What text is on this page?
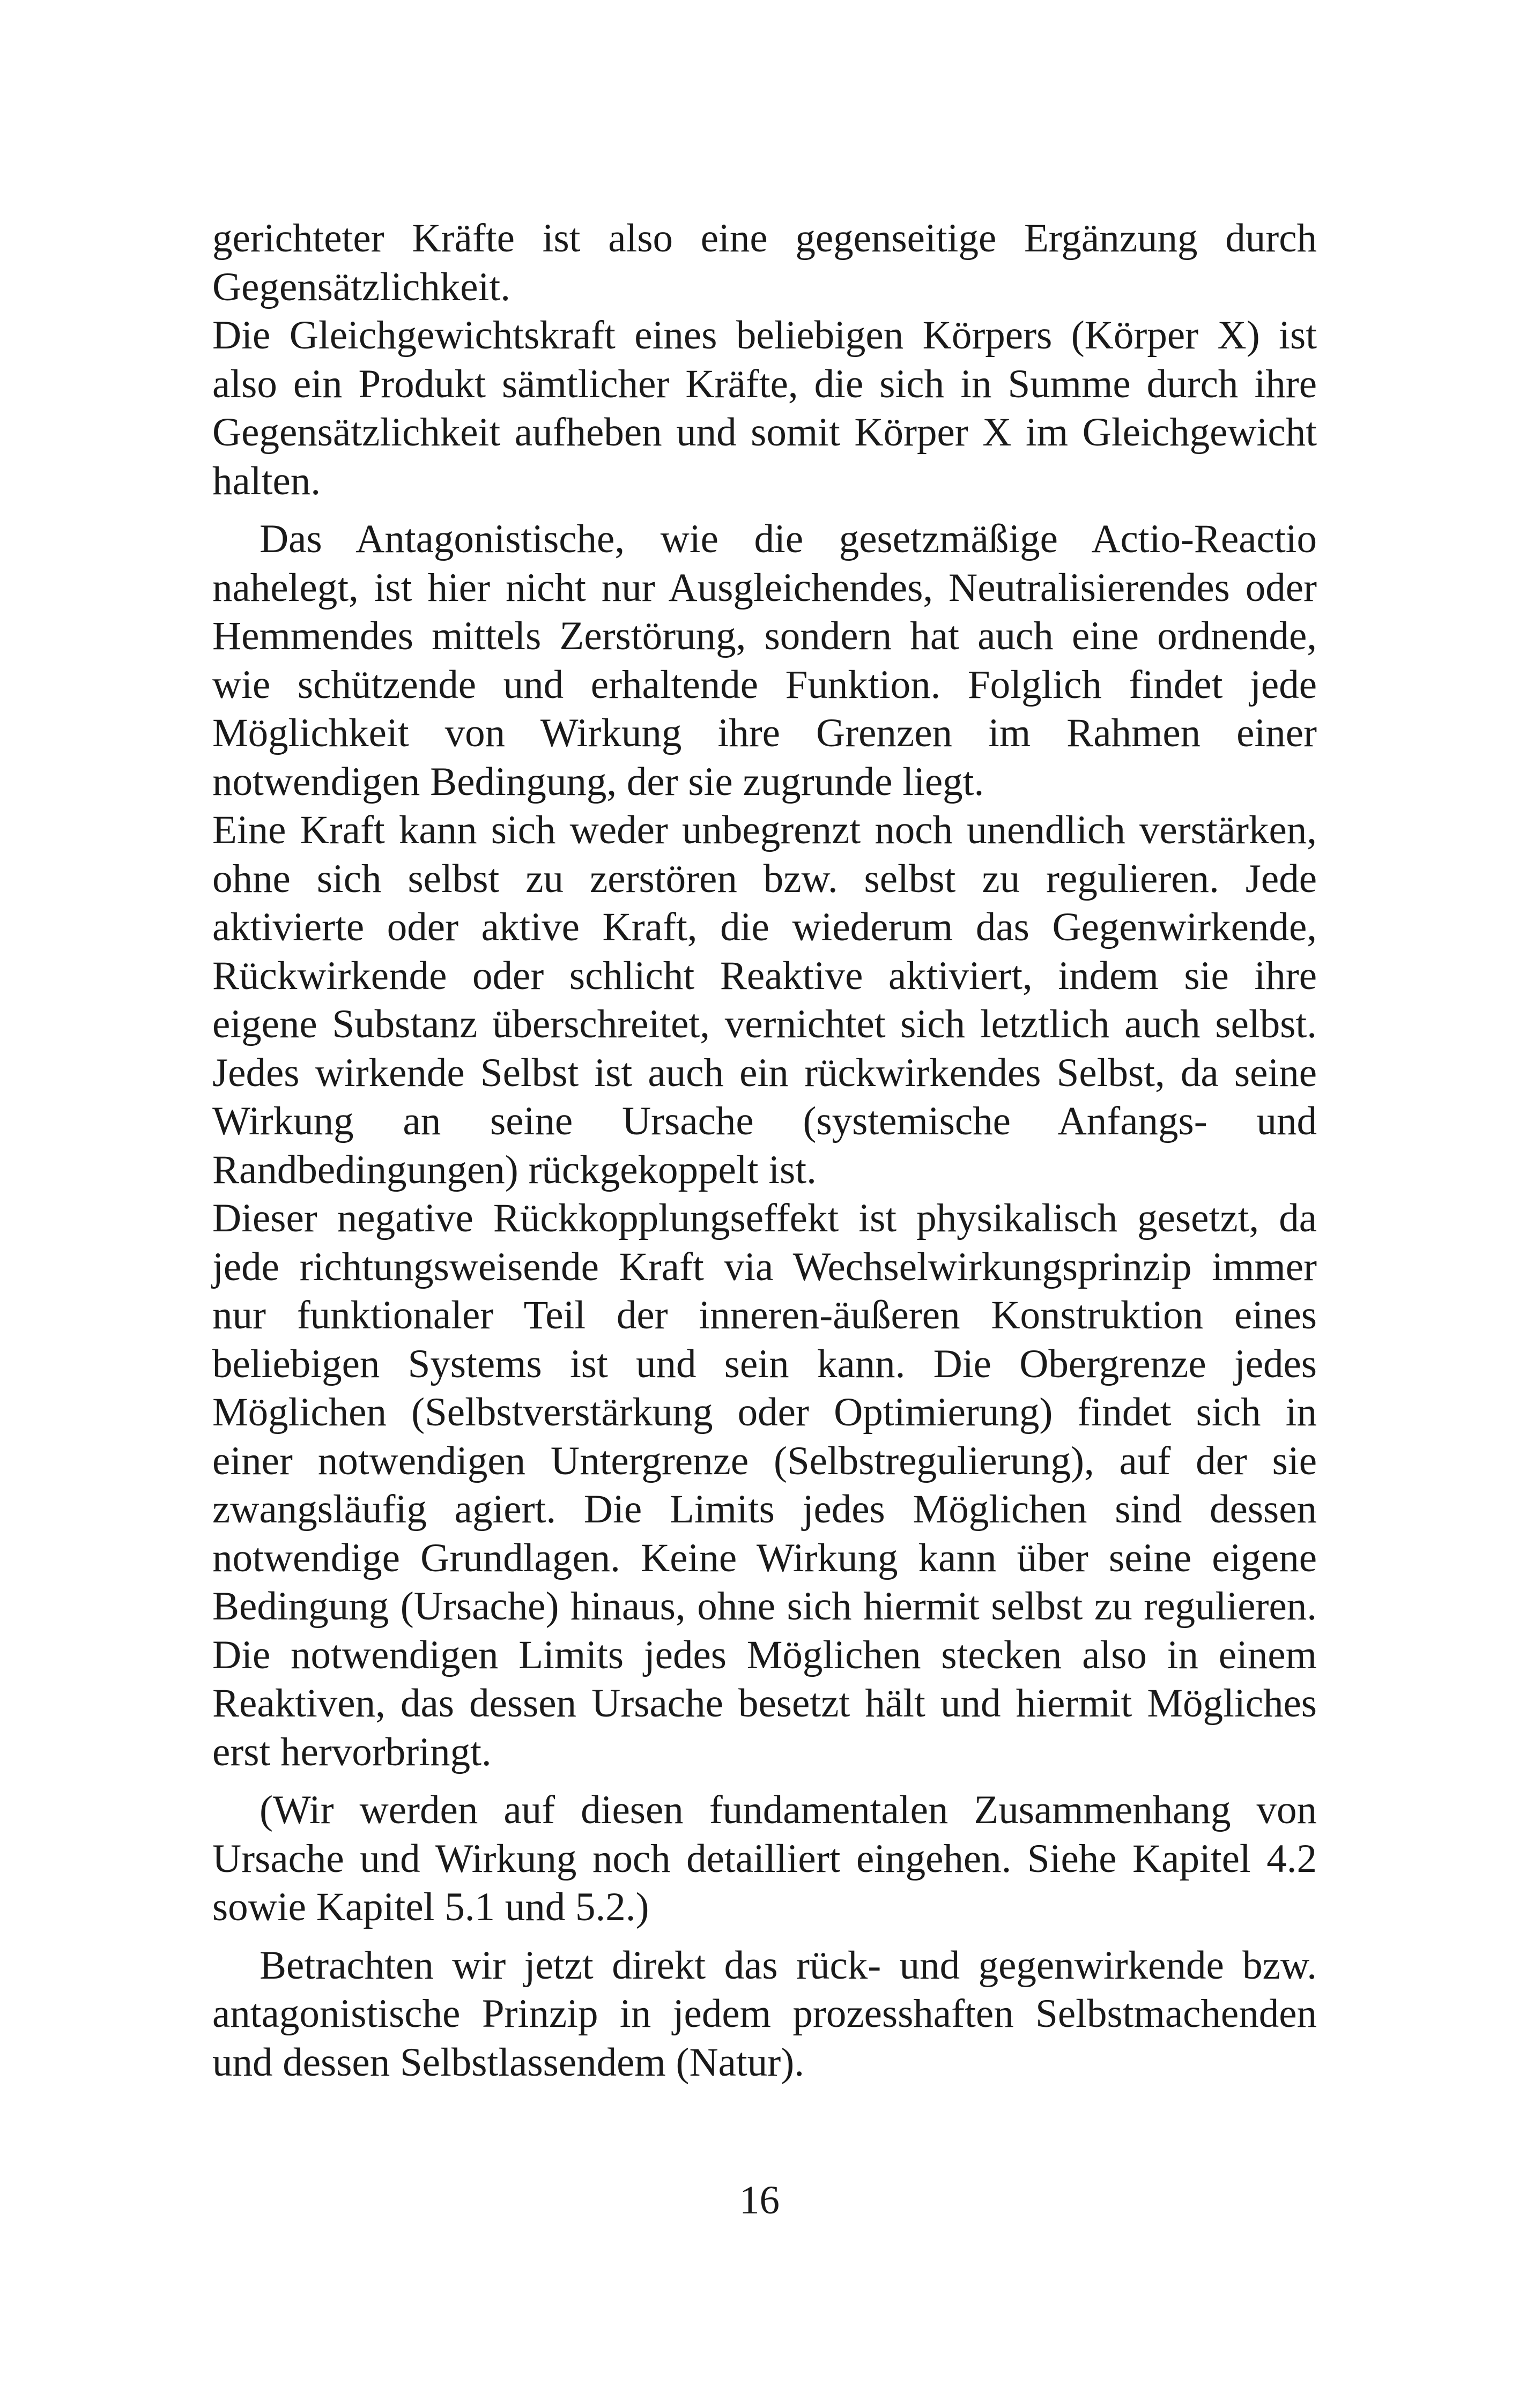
gerichteter Kräfte ist also eine gegenseitige Ergänzung durch Gegensätzlichkeit.

Die Gleichgewichtskraft eines beliebigen Körpers (Körper X) ist also ein Produkt sämtlicher Kräfte, die sich in Summe durch ihre Gegensätzlichkeit aufheben und somit Körper X im Gleichgewicht halten.

Das Antagonistische, wie die gesetzmäßige Actio-Reactio nahelegt, ist hier nicht nur Ausgleichendes, Neutralisierendes oder Hemmendes mittels Zerstörung, sondern hat auch eine ordnende, wie schützende und erhaltende Funktion. Folglich findet jede Möglichkeit von Wirkung ihre Grenzen im Rahmen einer notwendigen Bedingung, der sie zugrunde liegt.

Eine Kraft kann sich weder unbegrenzt noch unendlich verstärken, ohne sich selbst zu zerstören bzw. selbst zu regulieren. Jede aktivierte oder aktive Kraft, die wiederum das Gegenwirkende, Rückwirkende oder schlicht Reaktive aktiviert, indem sie ihre eigene Substanz überschreitet, vernichtet sich letztlich auch selbst. Jedes wirkende Selbst ist auch ein rückwirkendes Selbst, da seine Wirkung an seine Ursache (systemische Anfangs- und Randbedingungen) rückgekoppelt ist.

Dieser negative Rückkopplungseffekt ist physikalisch gesetzt, da jede richtungsweisende Kraft via Wechselwirkungsprinzip immer nur funktionaler Teil der inneren-äußeren Konstruktion eines beliebigen Systems ist und sein kann. Die Obergrenze jedes Möglichen (Selbstverstärkung oder Optimierung) findet sich in einer notwendigen Untergrenze (Selbstregulierung), auf der sie zwangsläufig agiert. Die Limits jedes Möglichen sind dessen notwendige Grundlagen. Keine Wirkung kann über seine eigene Bedingung (Ursache) hinaus, ohne sich hiermit selbst zu regulieren. Die notwendigen Limits jedes Möglichen stecken also in einem Reaktiven, das dessen Ursache besetzt hält und hiermit Mögliches erst hervorbringt.

(Wir werden auf diesen fundamentalen Zusammenhang von Ursache und Wirkung noch detailliert eingehen. Siehe Kapitel 4.2 sowie Kapitel 5.1 und 5.2.)

Betrachten wir jetzt direkt das rück- und gegenwirkende bzw. antagonistische Prinzip in jedem prozesshaften Selbstmachenden und dessen Selbstlassendem (Natur).

16
